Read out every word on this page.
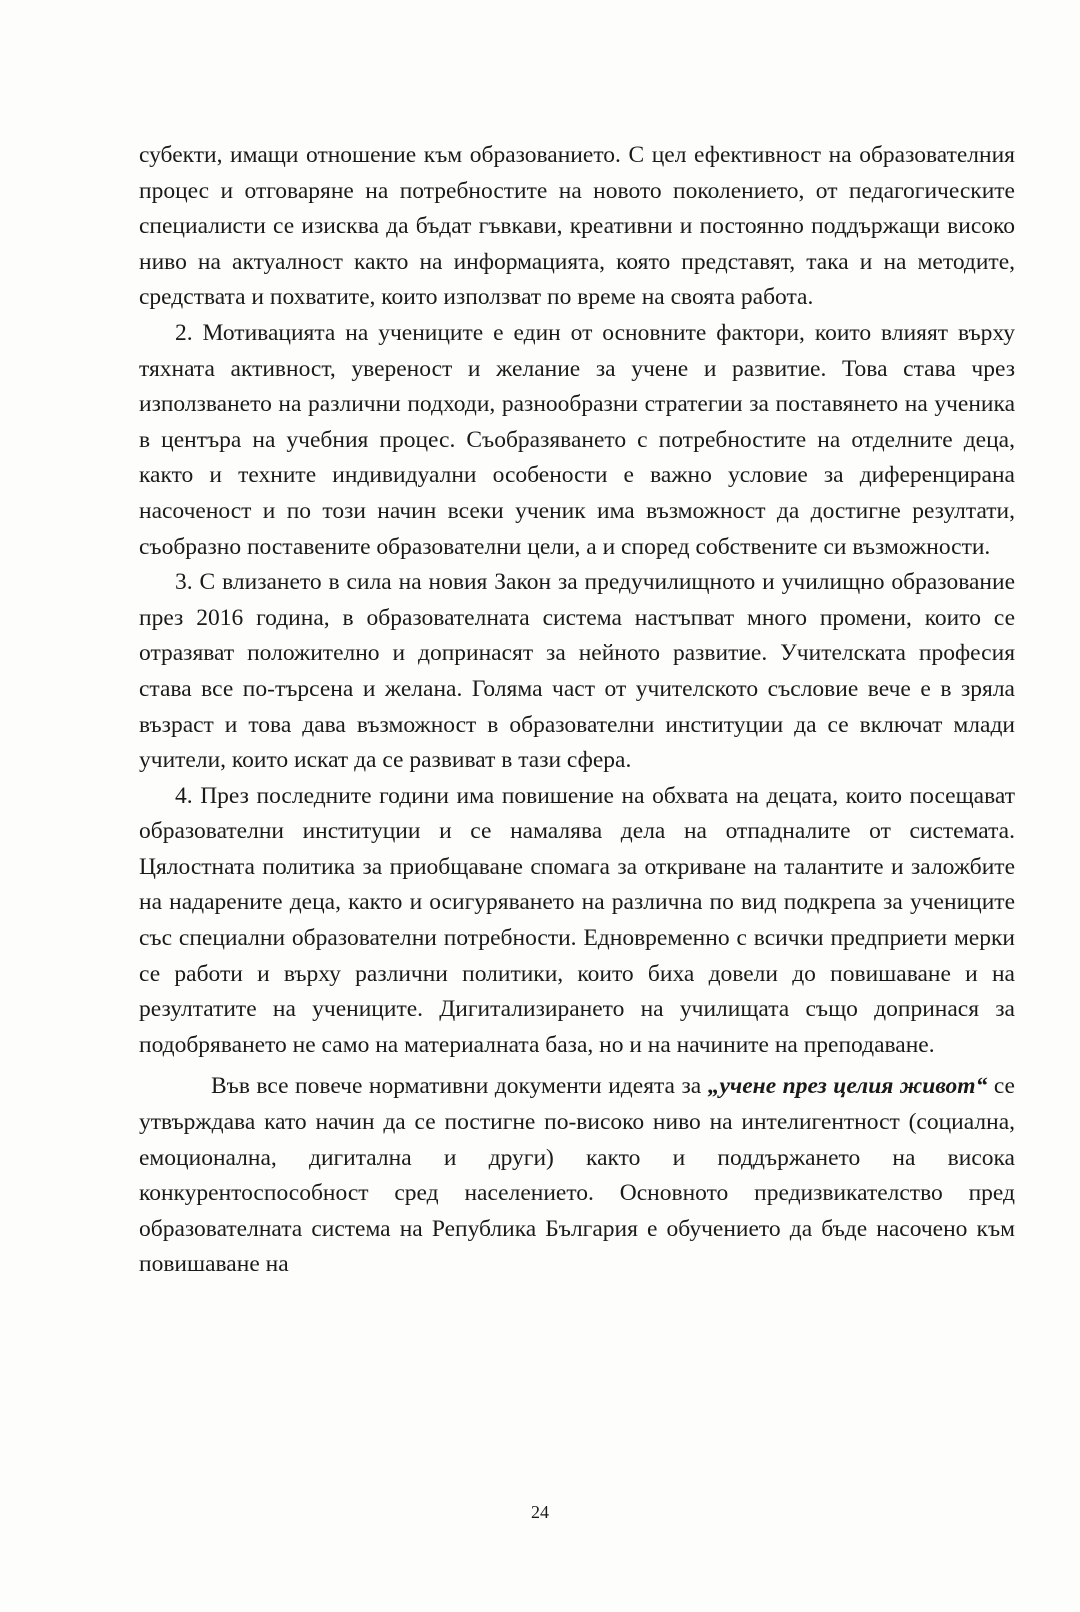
субекти, имащи отношение към образованието. С цел ефективност на образователния процес и отговаряне на потребностите на новото поколението, от педагогическите специалисти се изисква да бъдат гъвкави, креативни и постоянно поддържащи високо ниво на актуалност както на информацията, която представят, така и на методите, средствата и похватите, които използват по време на своята работа.

2. Мотивацията на учениците е един от основните фактори, които влияят върху тяхната активност, увереност и желание за учене и развитие. Това става чрез използването на различни подходи, разнообразни стратегии за поставянето на ученика в центъра на учебния процес. Съобразяването с потребностите на отделните деца, както и техните индивидуални особености е важно условие за диференцирана насоченост и по този начин всеки ученик има възможност да достигне резултати, съобразно поставените образователни цели, а и според собствените си възможности.

3. С влизането в сила на новия Закон за предучилищното и училищно образование през 2016 година, в образователната система настъпват много промени, които се отразяват положително и допринасят за нейното развитие. Учителската професия става все по-търсена и желана. Голяма част от учителското съсловие вече е в зряла възраст и това дава възможност в образователни институции да се включат млади учители, които искат да се развиват в тази сфера.

4. През последните години има повишение на обхвата на децата, които посещават образователни институции и се намалява дела на отпадналите от системата. Цялостната политика за приобщаване спомага за откриване на талантите и заложбите на надарените деца, както и осигуряването на различна по вид подкрепа за учениците със специални образователни потребности. Едновременно с всички предприети мерки се работи и върху различни политики, които биха довели до повишаване и на резултатите на учениците. Дигитализирането на училищата също допринася за подобряването не само на материалната база, но и на начините на преподаване.

Във все повече нормативни документи идеята за „учене през целия живот“ се утвърждава като начин да се постигне по-високо ниво на интелигентност (социална, емоционална, дигитална и други) както и поддържането на висока конкурентоспособност сред населението. Основното предизвикателство пред образователната система на Република България е обучението да бъде насочено към повишаване на

24
